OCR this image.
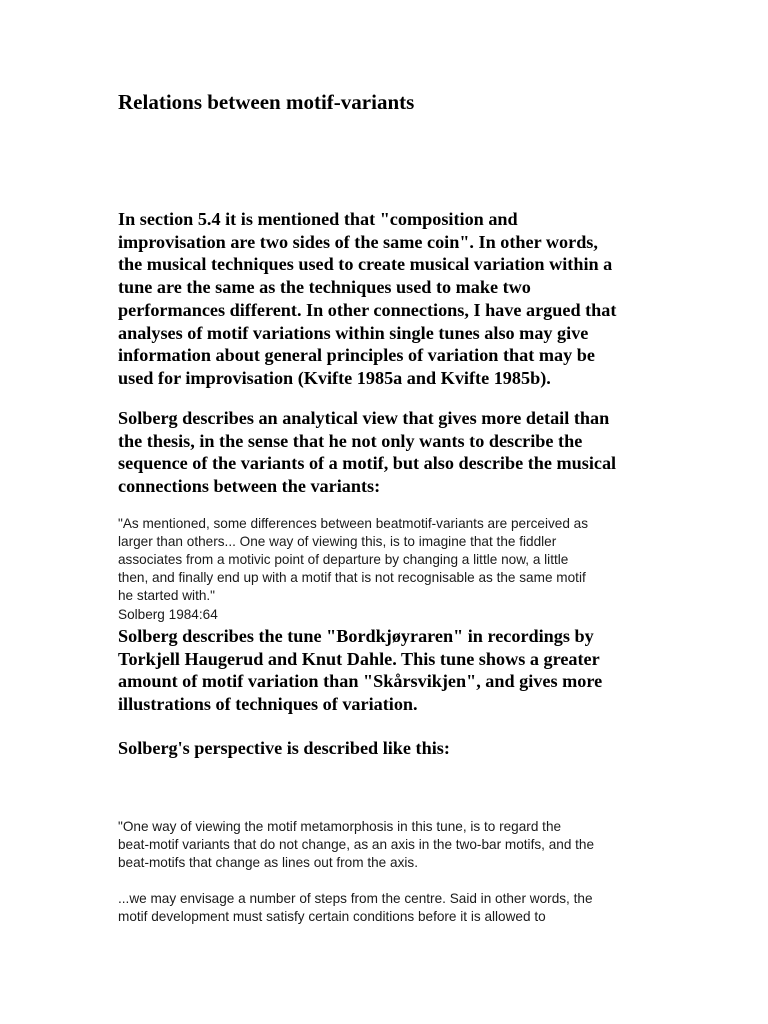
Relations between motif-variants

In section 5.4 it is mentioned that "composition and
improvisation are two sides of the same coin". In other words,
the musical techniques used to create musical variation within a
tune are the same as the techniques used to make two
performances different. In other connections, I have argued that
analyses of motif variations within single tunes also may give
information about general principles of variation that may be
used for improvisation (Kvifte 1985a and Kvifte 1985b).

Solberg describes an analytical view that gives more detail than
the thesis, in the sense that he not only wants to describe the
sequence of the variants of a motif, but also describe the musical
connections between the variants:

"As mentioned, some differences between beatmotif-variants are perceived as
larger than others... One way of viewing this, is to imagine that the fiddler
associates from a motivic point of departure by changing a little now, a little
then, and finally end up with a motif that is not recognisable as the same motif
he started with."

Solberg 1984:64

Solberg describes the tune "Bordkjøyraren" in recordings by
Torkjell Haugerud and Knut Dahle. This tune shows a greater
amount of motif variation than "Skårsvikjen", and gives more
illustrations of techniques of variation.

Solberg's perspective is described like this:

"One way of viewing the motif metamorphosis in this tune, is to regard the
beat-motif variants that do not change, as an axis in the two-bar motifs, and the
beat-motifs that change as lines out from the axis.

...we may envisage a number of steps from the centre. Said in other words, the
motif development must satisfy certain conditions before it is allowed to
